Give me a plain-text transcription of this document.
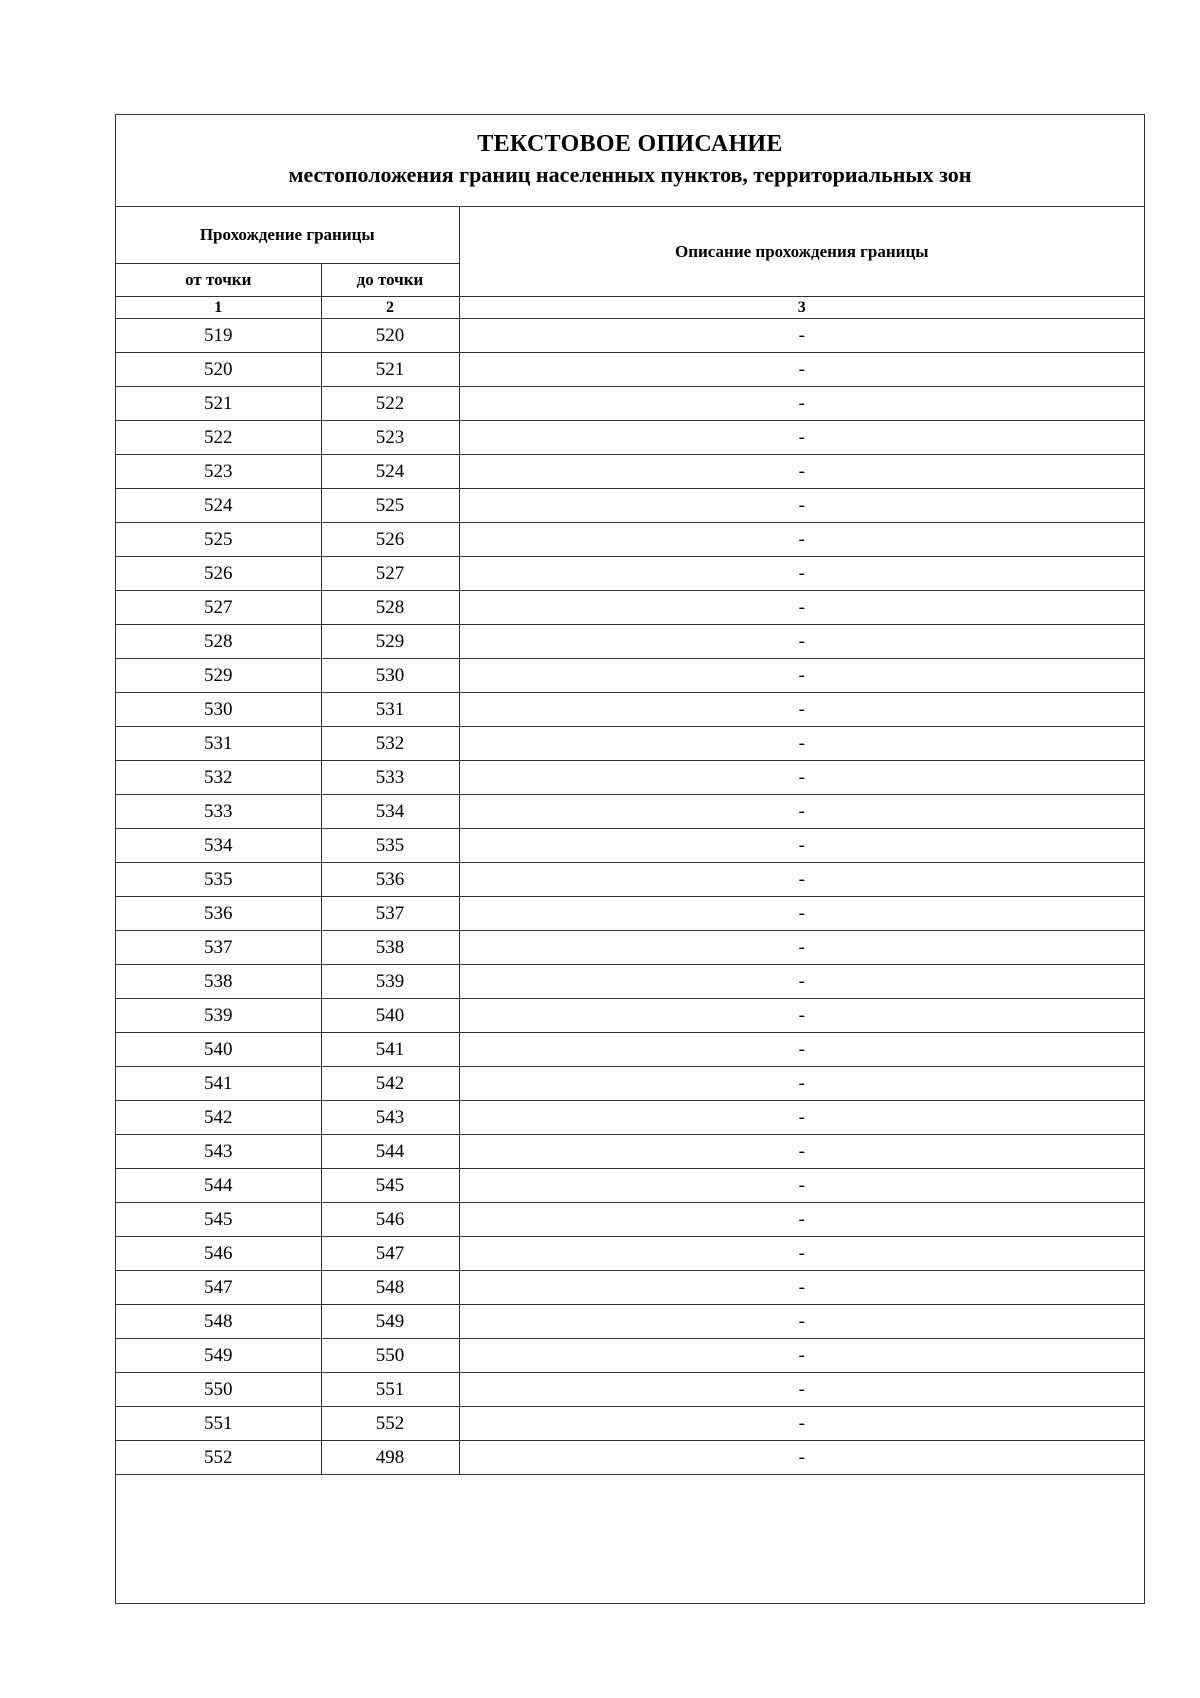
ТЕКСТОВОЕ ОПИСАНИЕ
местоположения границ населенных пунктов, территориальных зон
Прохождение границы		Описание прохождения границы
от точки	до точки	
1	2	3
519	520	-
520	521	-
521	522	-
522	523	-
523	524	-
524	525	-
525	526	-
526	527	-
527	528	-
528	529	-
529	530	-
530	531	-
531	532	-
532	533	-
533	534	-
534	535	-
535	536	-
536	537	-
537	538	-
538	539	-
539	540	-
540	541	-
541	542	-
542	543	-
543	544	-
544	545	-
545	546	-
546	547	-
547	548	-
548	549	-
549	550	-
550	551	-
551	552	-
552	498	-
